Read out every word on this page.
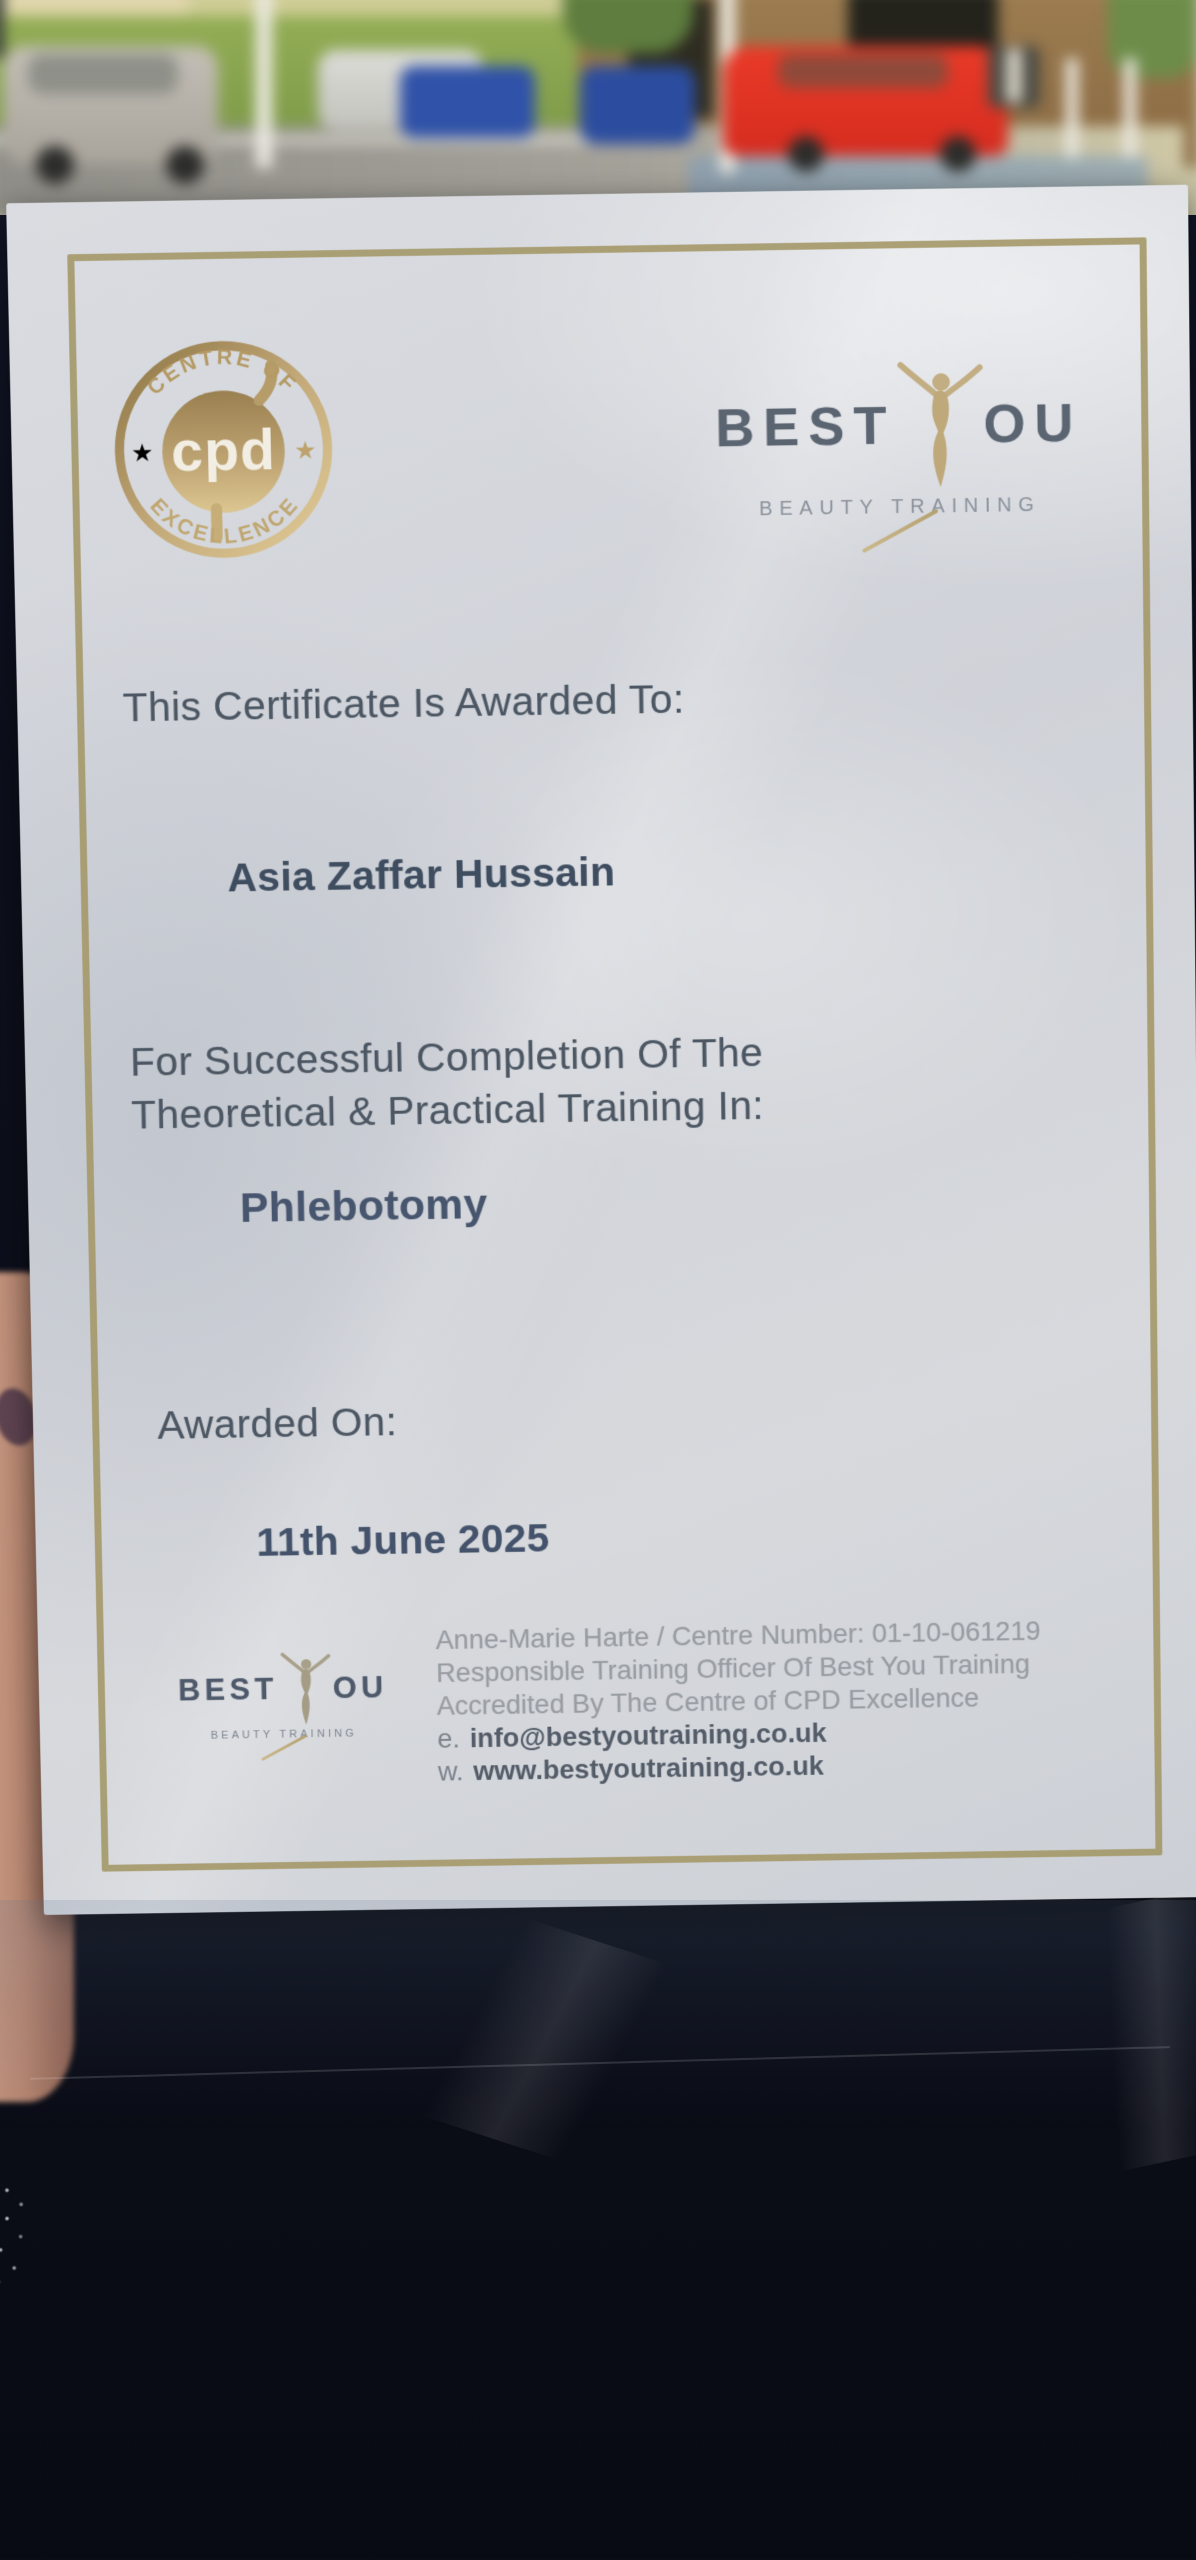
CENTRE OF
EXCELLENCE
★	★
cpd	BEST OU
BEAUTY TRAINING
This Certificate Is Awarded To:
Asia Zaffar Hussain
For Successful Completion Of The
Theoretical & Practical Training In:
Phlebotomy
Awarded On:
11th June 2025
BEST OU
BEAUTY TRAINING
Anne-Marie Harte / Centre Number: 01-10-061219
Responsible Training Officer Of Best You Training
Accredited By The Centre of CPD Excellence
e. info@bestyoutraining.co.uk
w. www.bestyoutraining.co.uk
